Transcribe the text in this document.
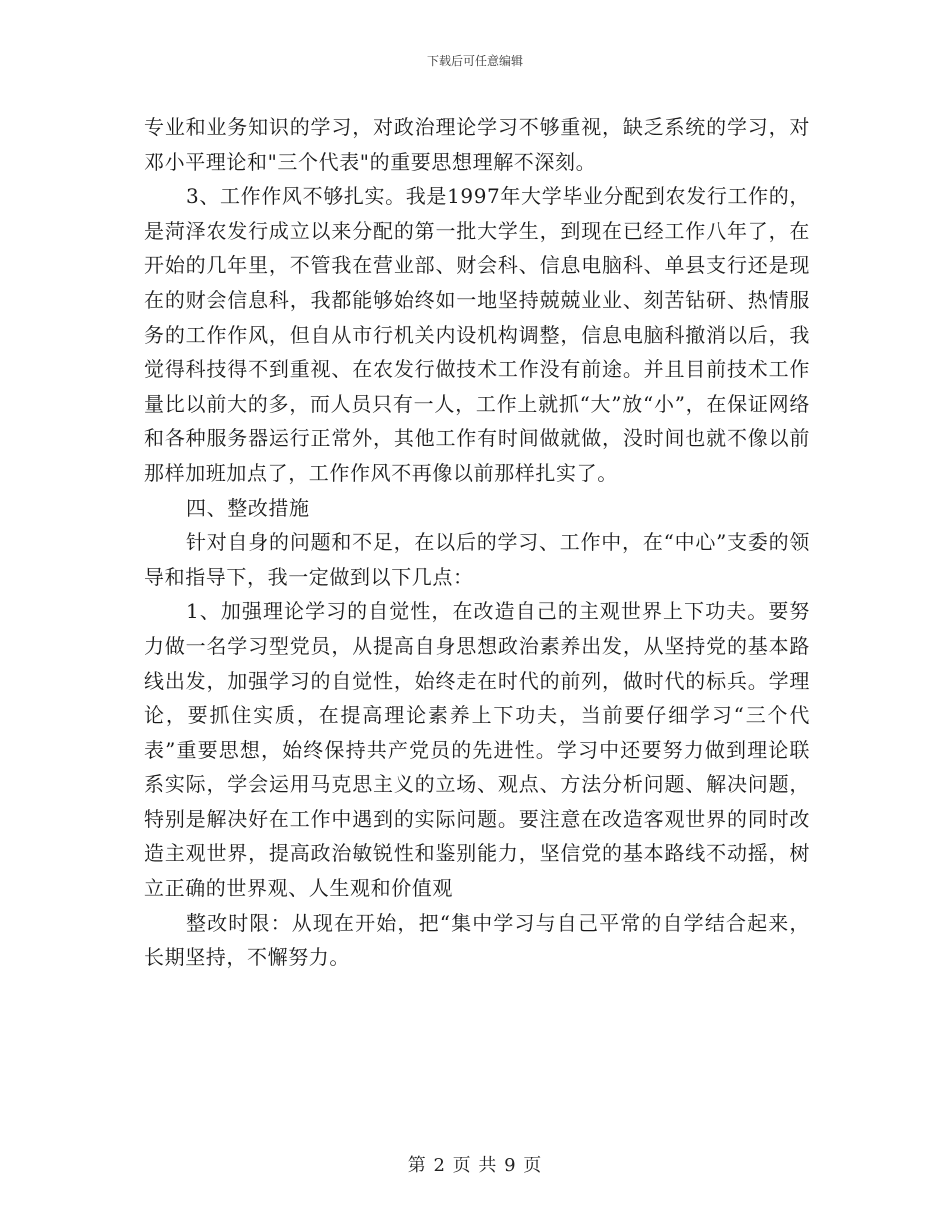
下载后可任意编辑

专业和业务知识的学习，对政治理论学习不够重视，缺乏系统的学习，对邓小平理论和"三个代表"的重要思想理解不深刻。

3、工作作风不够扎实。我是1997年大学毕业分配到农发行工作的，是菏泽农发行成立以来分配的第一批大学生，到现在已经工作八年了，在开始的几年里，不管我在营业部、财会科、信息电脑科、单县支行还是现在的财会信息科，我都能够始终如一地坚持兢兢业业、刻苦钻研、热情服务的工作作风，但自从市行机关内设机构调整，信息电脑科撤消以后，我觉得科技得不到重视、在农发行做技术工作没有前途。并且目前技术工作量比以前大的多，而人员只有一人，工作上就抓“大”放“小”，在保证网络和各种服务器运行正常外，其他工作有时间做就做，没时间也就不像以前那样加班加点了，工作作风不再像以前那样扎实了。

四、整改措施

针对自身的问题和不足，在以后的学习、工作中，在“中心”支委的领导和指导下，我一定做到以下几点：

1、加强理论学习的自觉性，在改造自己的主观世界上下功夫。要努力做一名学习型党员，从提高自身思想政治素养出发，从坚持党的基本路线出发，加强学习的自觉性，始终走在时代的前列，做时代的标兵。学理论，要抓住实质，在提高理论素养上下功夫，当前要仔细学习“三个代表”重要思想，始终保持共产党员的先进性。学习中还要努力做到理论联系实际，学会运用马克思主义的立场、观点、方法分析问题、解决问题，特别是解决好在工作中遇到的实际问题。要注意在改造客观世界的同时改造主观世界，提高政治敏锐性和鉴别能力，坚信党的基本路线不动摇，树立正确的世界观、人生观和价值观

整改时限：从现在开始，把“集中学习与自己平常的自学结合起来，长期坚持，不懈努力。

第 2 页 共 9 页
